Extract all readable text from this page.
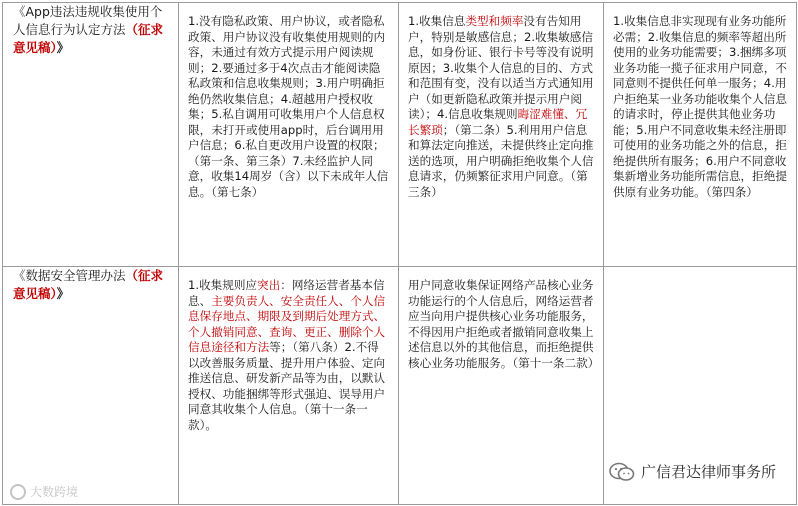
《App违法违规收集使用个人信息行为认定方法（征求意见稿）》	1.没有隐私政策、用户协议，或者隐私政策、用户协议没有收集使用规则的内容，未通过有效方式提示用户阅读规则；2.要通过多于4次点击才能阅读隐私政策和信息收集规则；3.用户明确拒绝仍然收集信息；4.超越用户授权收集；5.私自调用可收集用户个人信息权限，未打开或使用app时，后台调用用户信息；6.私自更改用户设置的权限；（第一条、第三条）7.未经监护人同意，收集14周岁（含）以下未成年人信息。（第七条）	1.收集信息类型和频率没有告知用户，特别是敏感信息；2.收集敏感信息，如身份证、银行卡号等没有说明原因；3.收集个人信息的目的、方式和范围有变，没有以适当方式通知用户（如更新隐私政策并提示用户阅读）；4.信息收集规则晦涩难懂、冗长繁琐；（第二条）5.利用用户信息和算法定向推送，未提供终止定向推送的选项，用户明确拒绝收集个人信息请求，仍频繁征求用户同意。（第三条）	1.收集信息非实现现有业务功能所必需；2.收集信息的频率等超出所使用的业务功能需要；3.捆绑多项业务功能一揽子征求用户同意，不同意则不提供任何单一服务；4.用户拒绝某一业务功能收集个人信息的请求时，停止提供其他业务功能；5.用户不同意收集未经注册即可使用的业务功能之外的信息，拒绝提供所有服务；6.用户不同意收集新增业务功能所需信息，拒绝提供原有业务功能。（第四条）

《数据安全管理办法（征求意见稿）》	1.收集规则应突出：网络运营者基本信息、主要负责人、安全责任人、个人信息保存地点、期限及到期后处理方式、个人撤销同意、查询、更正、删除个人信息途径和方法等；（第八条）2.不得以改善服务质量、提升用户体验、定向推送信息、研发新产品等为由，以默认授权、功能捆绑等形式强迫、误导用户同意其收集个人信息。（第十一条一款）。	用户同意收集保证网络产品核心业务功能运行的个人信息后，网络运营者应当向用户提供核心业务功能服务，不得因用户拒绝或者撤销同意收集上述信息以外的其他信息，而拒绝提供核心业务功能服务。（第十一条二款）	

大数跨境
广信君达律师事务所
